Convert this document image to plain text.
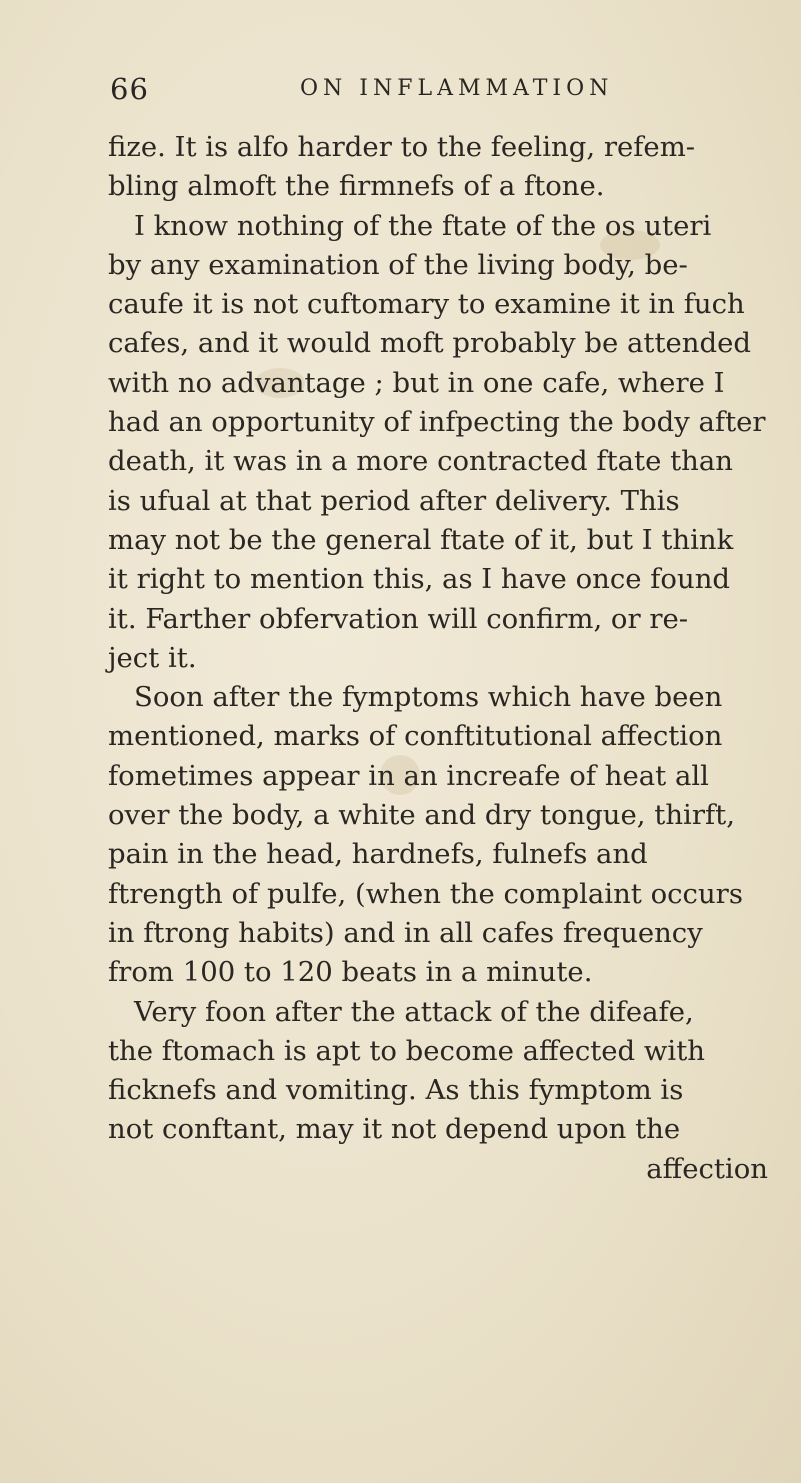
66	ON INFLAMMATION

fize. It is alfo harder to the feeling, refem-

bling almoft the firmnefs of a ftone.

I know nothing of the ftate of the os uteri

by any examination of the living body, be-

caufe it is not cuftomary to examine it in fuch

cafes, and it would moft probably be attended

with no advantage ; but in one cafe, where I

had an opportunity of infpecting the body after

death, it was in a more contracted ftate than

is ufual at that period after delivery. This

may not be the general ftate of it, but I think

it right to mention this, as I have once found

it. Farther obfervation will confirm, or re-

ject it.

Soon after the fymptoms which have been

mentioned, marks of conftitutional affection

fometimes appear in an increafe of heat all

over the body, a white and dry tongue, thirft,

pain in the head, hardnefs, fulnefs and

ftrength of pulfe, (when the complaint occurs

in ftrong habits) and in all cafes frequency

from 100 to 120 beats in a minute.

Very foon after the attack of the difeafe,

the ftomach is apt to become affected with

ficknefs and vomiting. As this fymptom is

not conftant, may it not depend upon the

affection
